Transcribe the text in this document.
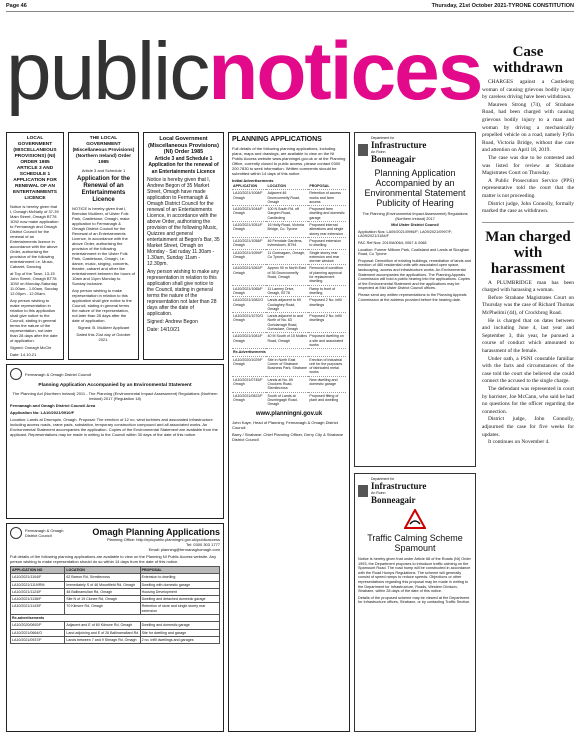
Page 46	Thursday, 21st October 2021-TYRONE CONSTITUTION
publicnotices
LOCAL GOVERNMENT (MISCELLANEOUS PROVISIONS) (NI) ORDER 1985 ARTICLE 3 AND SCHEDULE 1 APPLICATION FOR RENEWAL OF AN ENTERTAINMENTS LICENCE

Notice is hereby given that I, Oonagh McNally of 37-39 Main Street, Omagh BT78 1DW now make application to Fermanagh and Omagh District Council for the renewal of an Entertainments licence in accordance with the above Order, authorising the provision of the following entertainment i.e. Music, Cabaret, Dancing

at Top of the Town, 13-15 John Street, Omagh BT78 1DW on Monday-Saturday 11.00am - 1.00am, Sunday 12.00pm - 12.00am.

Any person wishing to make representation in relation to this application shall give notice to the Council, stating in general terms the nature of the representation, not later than 28 days after the date of application.

Signed: Oonagh McCle

Date: 14.10.21

THE LOCAL GOVERNMENT (Miscellaneous Provisions) (Northern Ireland) Order 1985

Article 3 and Schedule 1

Application for the Renewal of an Entertainments Licence

NOTICE is hereby given that I, Brendan McAleer, of Ulster Folk Park, Castletown, Omagh, make application to Fermanagh & Omagh District Council for the Renewal of an Entertainments Licence, in accordance with the above Order, authorising the provision of the following entertainment in the Ulster Folk Park, Castletown, Omagh, i.e. dance, music, singing, concerts, theatre, cabaret and other like entertainment between the hours of 10am and 11pm Monday to Sunday inclusive.

Any person wishing to make representation in relation to this application shall give notice to the Council, stating in general terms the nature of the representation, not later than 28 days after the date of application.

Signed: B. McAleer Applicant

Dated this 21st day of October 2021.

Local Government (Miscellaneous Provisions) (NI) Order 1985
Article 3 and Schedule 1 Application for the renewal of an Entertainments Licence

Notice is hereby given that I, Andrew Begon of 35 Market Street, Omagh have made application to Fermanagh & Omagh District Council for the renewal of an Entertainments Licence, in accordance with the above Order, authorising the provision of the following Music, Quizzes and general entertainment at Begon's Bar, 35 Market Street, Omagh on Monday - Sat ruday 11.30am - 1.30am, Sunday 11am - 12.30pm.

Any person wishing to make any representation in relation to this application shall give notice to the Council, stating in general terms the nature of the representation not later than 28 days after the date of application.

Signed: Andrew Begon

Date: 14/10/21

PLANNING APPLICATIONS

Full details of the following planning applications, including plans, maps and drawings, are available to view on the NI Public Access website www.planningni.gov.uk or at the Planning Office, currently closed to public access, please contact 0300 200 7830 to seek information. Written comments should be submitted within 14 days of this notice.

Initial Advertisements

APPLICATION	LOCATION	PROPOSAL
LA10/2021/1008/F Omagh	Adjacent 46 Drumconnelly Road, Omagh	Retention of access works and farm access
LA10/2021/1044/F Omagh	100 N South Rd. off Gargrim Road, Castlederg	Proposed farm dwelling and domestic garage
LA10/2021/1051/F Omagh	16 Holly Road, Victoria Bridge, Co. Tyrone	Proposed internal alterations and single storey rear extension
LA10/2021/1058/F Omagh	46 Ferndale Gardens, Irvinestown, BT94	Proposed extension to dwelling
LA10/2021/1059/F Omagh	11 Gortnagarn, Omagh, Co Tyrone	Single storey rear extension and rear dormer window
LA10/2021/1062/F Omagh	Approx 90 m North East of 36 Drumconnelly Road, Omagh	Removal of condition of planning approval for replacement dwelling
LA10/2021/1065/F Omagh	11 Lammy Drive, Omagh, BT78	Ramp to front of dwelling
LA10/2021/1082/O Omagh	Lands adjacent to 69 Coolaghey Road, Omagh	Proposed 2 No. infill dwellings
LA10/2021/1070/O Omagh	Lands adjacent to and North of No. 63 Gortdarragh Road, Gortaclare, Omagh	Proposed 2 No. infill dwellings
LA10/2021/1081/F Omagh	40 M South of 15 Mullins Road, Omagh	Proposed dwelling on a site and associated works
Re-Advertisements		
LA10/2020/1029/F Omagh	Site in North East Corner of Strabane Business Park, Strabane	Erection of industrial unit for the purposes of fabricated metal works
LA10/2021/0745/F Omagh	Lands at No. 69 Crockers Road, Sixmilecross	New dwelling and domestic garage
LA10/2021/0822/F Omagh	South of Lands at Drumlegagh Road, Omagh	Proposed fitting of plant and dwelling

www.planningni.gov.uk

John Kaye, Head of Planning, Fermanagh & Omagh District Council

Barry / Strabane: Chief Planning Officer, Derry City & Strabane District Council

Fermanagh & Omagh District Council
Planning Application Accompanied by an Environmental Statement

The Planning Act (Northern Ireland) 2011 - The Planning (Environmental Impact Assessment) Regulations (Northern Ireland) 2017 (Regulation 18)

Fermanagh and Omagh District Council Area

Application No: LA10/2021/0910/F

Location: Lands at Drumquin, Omagh. Proposal: The erection of 12 no. wind turbines and associated infrastructure including access roads, crane pads, substation, temporary construction compound and all associated works. An Environmental Statement accompanies the application. Copies of the Environmental Statement are available from the applicant. Representations may be made in writing to the Council within 30 days of the date of this notice.

Fermanagh & Omagh District Council	Omagh Planning Applications
Planning Office: http://epicpublic.planningni.gov.uk/publicaccess
Tel: 0300 303 1777
Email: planning@fermanaghomagh.com

Full details of the following planning applications are available to view on the Planning NI Public Access website. Any person wishing to make representation should do so within 14 days from the date of this notice.

APPLICATION NO	LOCATION	PROPOSAL
LA10/2021/1104/F	62 Barron Rd, Sixmilecross	Extension to dwelling
LA10/2021/1119/RM	Immediately S of 46 Mountfield Rd, Omagh	Dwelling with domestic garage
LA10/2021/1124/F	48 Ballinamullan Rd, Omagh	Housing Development
LA10/2021/1136/F	Site N of 19 Clonee Rd, Omagh	Dwelling and detached domestic garage
LA10/2021/1143/F	70 Kilmore Rd, Omagh	Retention of store and single storey rear extension
Re-advertisements		
LA10/2020/0692/F	Adjacent and E of 60 Kilmore Rd, Omagh	Dwelling and domestic garage
LA10/2021/0664/O	Land adjoining and E of 26 Ballinamallard Rd	Site for dwelling and garage
LA10/2021/0937/F	Lands between 7 and 9 Sheagh Rd, Omagh	2 no. infill dwellings and garages
Department for
Infrastructure
An Roinn
Bonneagair
Planning Application Accompanied by an Environmental Statement Publicity of Hearing

The Planning (Environmental Impact Assessment) Regulations (Northern Ireland) 2017

Mid Ulster District Council

Application Nos: LA09/2021/0996/F; LA09/2021/0997/F; LA09/2021/1184/F

PAC Ref Nos: 2019/A0064; 0067 & 0068

Location: Former Milburn Park, Coalisland and Lands at Sloughan Road, Co Tyrone

Proposal: Demolition of existing buildings, remediation of lands and erection of 480 residential units with associated open space, landscaping, access and infrastructure works. An Environmental Statement accompanies the applications. The Planning Appeals Commission will hold a public hearing into the applications. Copies of the Environmental Statement and the applications may be inspected at Mid Ulster District Council offices.

Please send any written representations to the Planning Appeals Commission at the address provided before the hearing date.

Department for
Infrastructure
An Roinn
Bonneagair
Traffic Calming Scheme Spamount

Notice is hereby given that under Article 68 of the Roads (NI) Order 1993, the Department proposes to introduce traffic calming on the Spamount Road. The road hump will be constructed in accordance with the Road Humps Regulations. The scheme will generally consist of speed ramps to reduce speeds. Objections or other representations regarding this proposal may be made in writing to the Department for Infrastructure, Roads, Western Division, Strabane, within 28 days of the date of this notice.

Details of the proposed scheme may be viewed at the Department for Infrastructure offices, Strabane, or by contacting Traffic Section.

Case withdrawn

CHARGES against a Castlederg woman of causing grievous bodily injury by careless driving have been withdrawn.

Maureen Strong (74), of Strabane Road, had been charged with causing grievous bodily injury to a man and woman by driving a mechanically propelled vehicle on a road, namely Fyfin Road, Victoria Bridge, without due care and attention on April 18, 2019.

The case was due to be contested and was listed for review at Strabane Magistrates Court on Thursday.

A Public Prosecution Service (PPS) representative told the court that the matter is not proceeding.

District judge, John Connolly, formally marked the case as withdrawn.

Man charged with harassment

A PLUMBRIDGE man has been charged with harassing a woman.

Before Strabane Magistrates Court on Thursday was the case of Richard Thomas McPhelimi (44), of Crockbrog Road.

He is charged that on dates between and including June 4, last year and September 3, this year, he pursued a course of conduct which amounted to harassment of the female.

Under oath, a PSNI constable familiar with the facts and circumstances of the case told the court she believed she could connect the accused to the single charge.

The defendant was represented in court by barrister, Joe McCann, who said he had no questions for the officer regarding the connection.

District judge, John Connolly, adjourned the case for five weeks for updates.

It continues on November 4.
